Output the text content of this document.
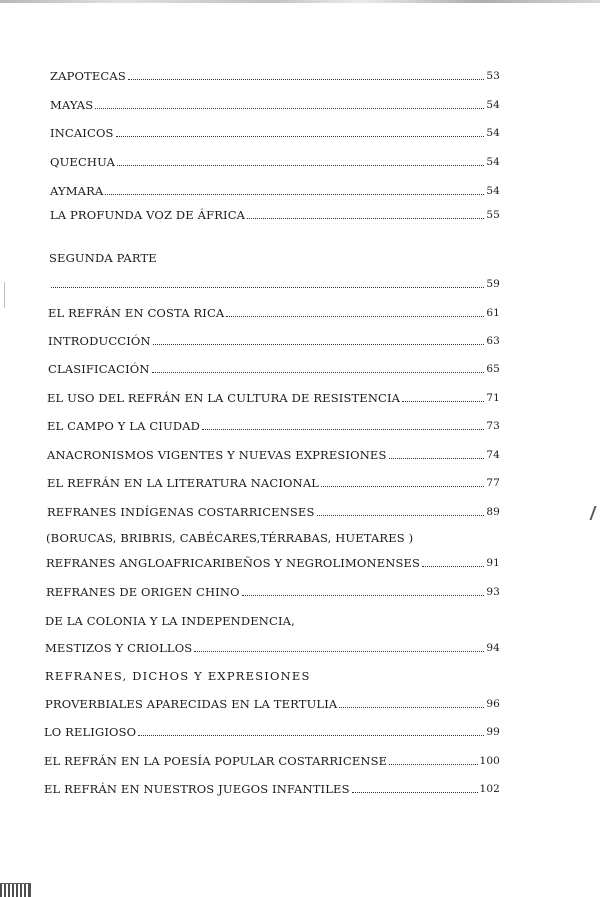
ZAPOTECAS	53
MAYAS	54
INCAICOS	54
QUECHUA	54
AYMARA	54
LA PROFUNDA VOZ DE ÁFRICA	55
SEGUNDA PARTE
59
EL REFRÁN EN COSTA RICA	61
INTRODUCCIÓN	63
CLASIFICACIÓN	65
EL USO DEL REFRÁN EN LA CULTURA DE RESISTENCIA	71
EL CAMPO Y LA CIUDAD	73
ANACRONISMOS VIGENTES Y NUEVAS EXPRESIONES	74
EL REFRÁN EN LA LITERATURA NACIONAL	77
REFRANES INDÍGENAS COSTARRICENSES	89
(BORUCAS, BRIBRIS, CABÉCARES,TÉRRABAS, HUETARES )
REFRANES ANGLOAFRICARIBEÑOS Y NEGROLIMONENSES	91
REFRANES DE ORIGEN CHINO	93
DE LA COLONIA Y LA INDEPENDENCIA,
MESTIZOS Y CRIOLLOS	94
REFRANES, DICHOS Y EXPRESIONES
PROVERBIALES APARECIDAS EN LA TERTULIA	96
LO RELIGIOSO	99
EL REFRÁN EN LA POESÍA POPULAR COSTARRICENSE	100
EL REFRÁN EN NUESTROS JUEGOS INFANTILES	102
